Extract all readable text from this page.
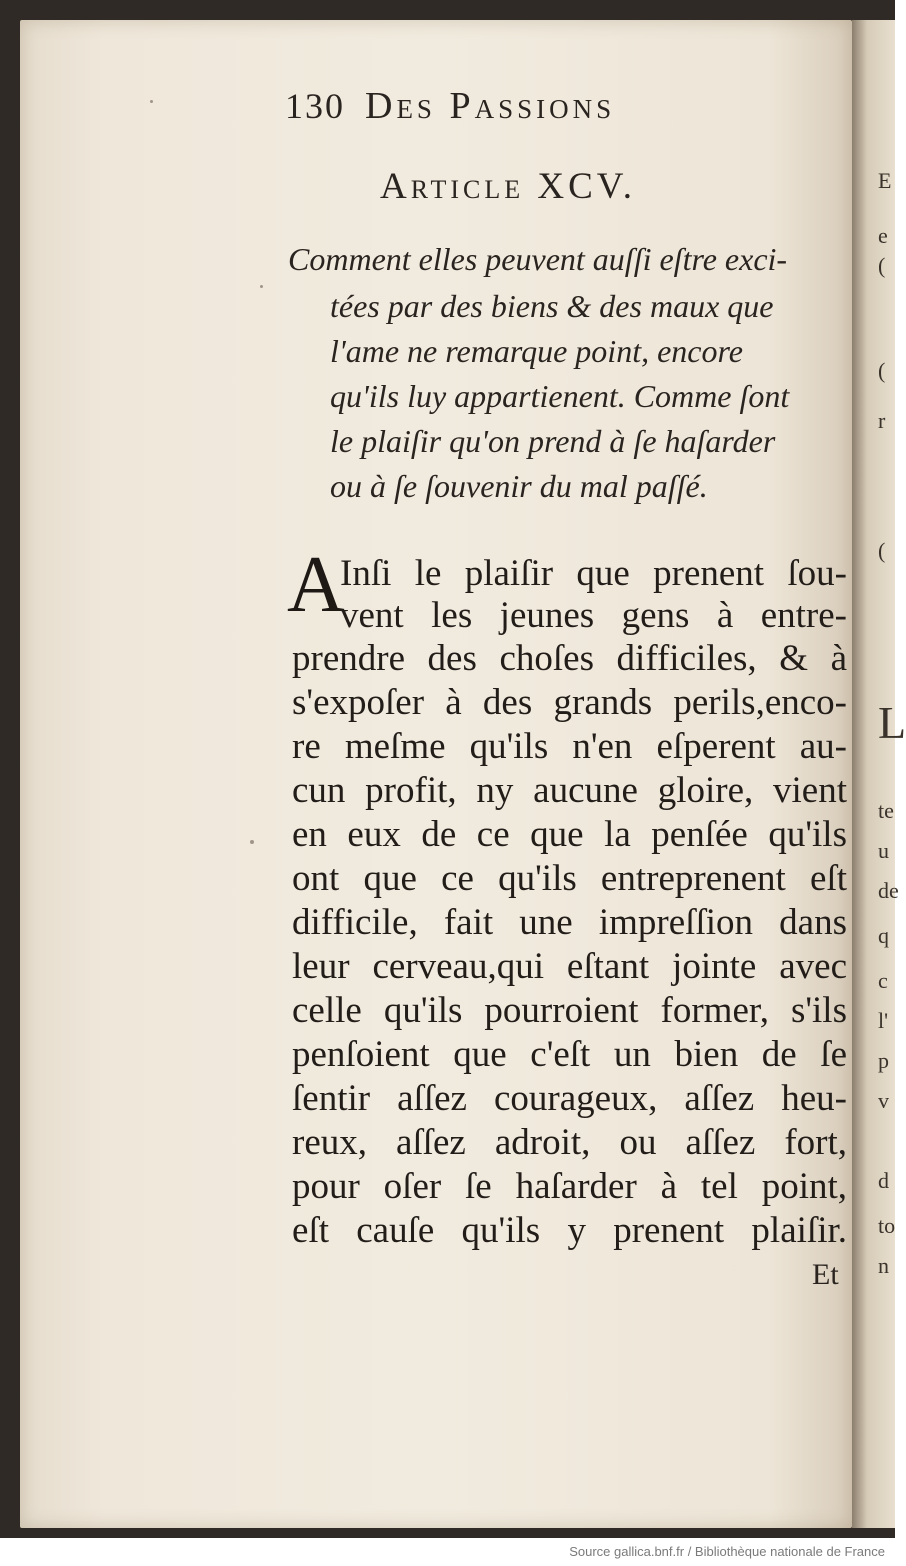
E
e
(
(
r
(
L
te
u
de
q
c
l'
p
v
d
to
n
130 Des Passions
Article XCV.
Comment elles peuvent auſſi eſtre exci-
tées par des biens & des maux que
l'ame ne remarque point, encore
qu'ils luy appartienent. Comme ſont
le plaiſir qu'on prend à ſe haſarder
ou à ſe ſouvenir du mal paſſé.
A
Inſi le plaiſir que prenent ſou-
vent les jeunes gens à entre-
prendre des choſes difficiles, & à
s'expoſer à des grands perils,enco-
re meſme qu'ils n'en eſperent au-
cun profit, ny aucune gloire, vient
en eux de ce que la penſée qu'ils
ont que ce qu'ils entreprenent eſt
difficile, fait une impreſſion dans
leur cerveau,qui eſtant jointe avec
celle qu'ils pourroient former, s'ils
penſoient que c'eſt un bien de ſe
ſentir aſſez courageux, aſſez heu-
reux, aſſez adroit, ou aſſez fort,
pour oſer ſe haſarder à tel point,
eſt cauſe qu'ils y prenent plaiſir.
Et
Source gallica.bnf.fr / Bibliothèque nationale de France
